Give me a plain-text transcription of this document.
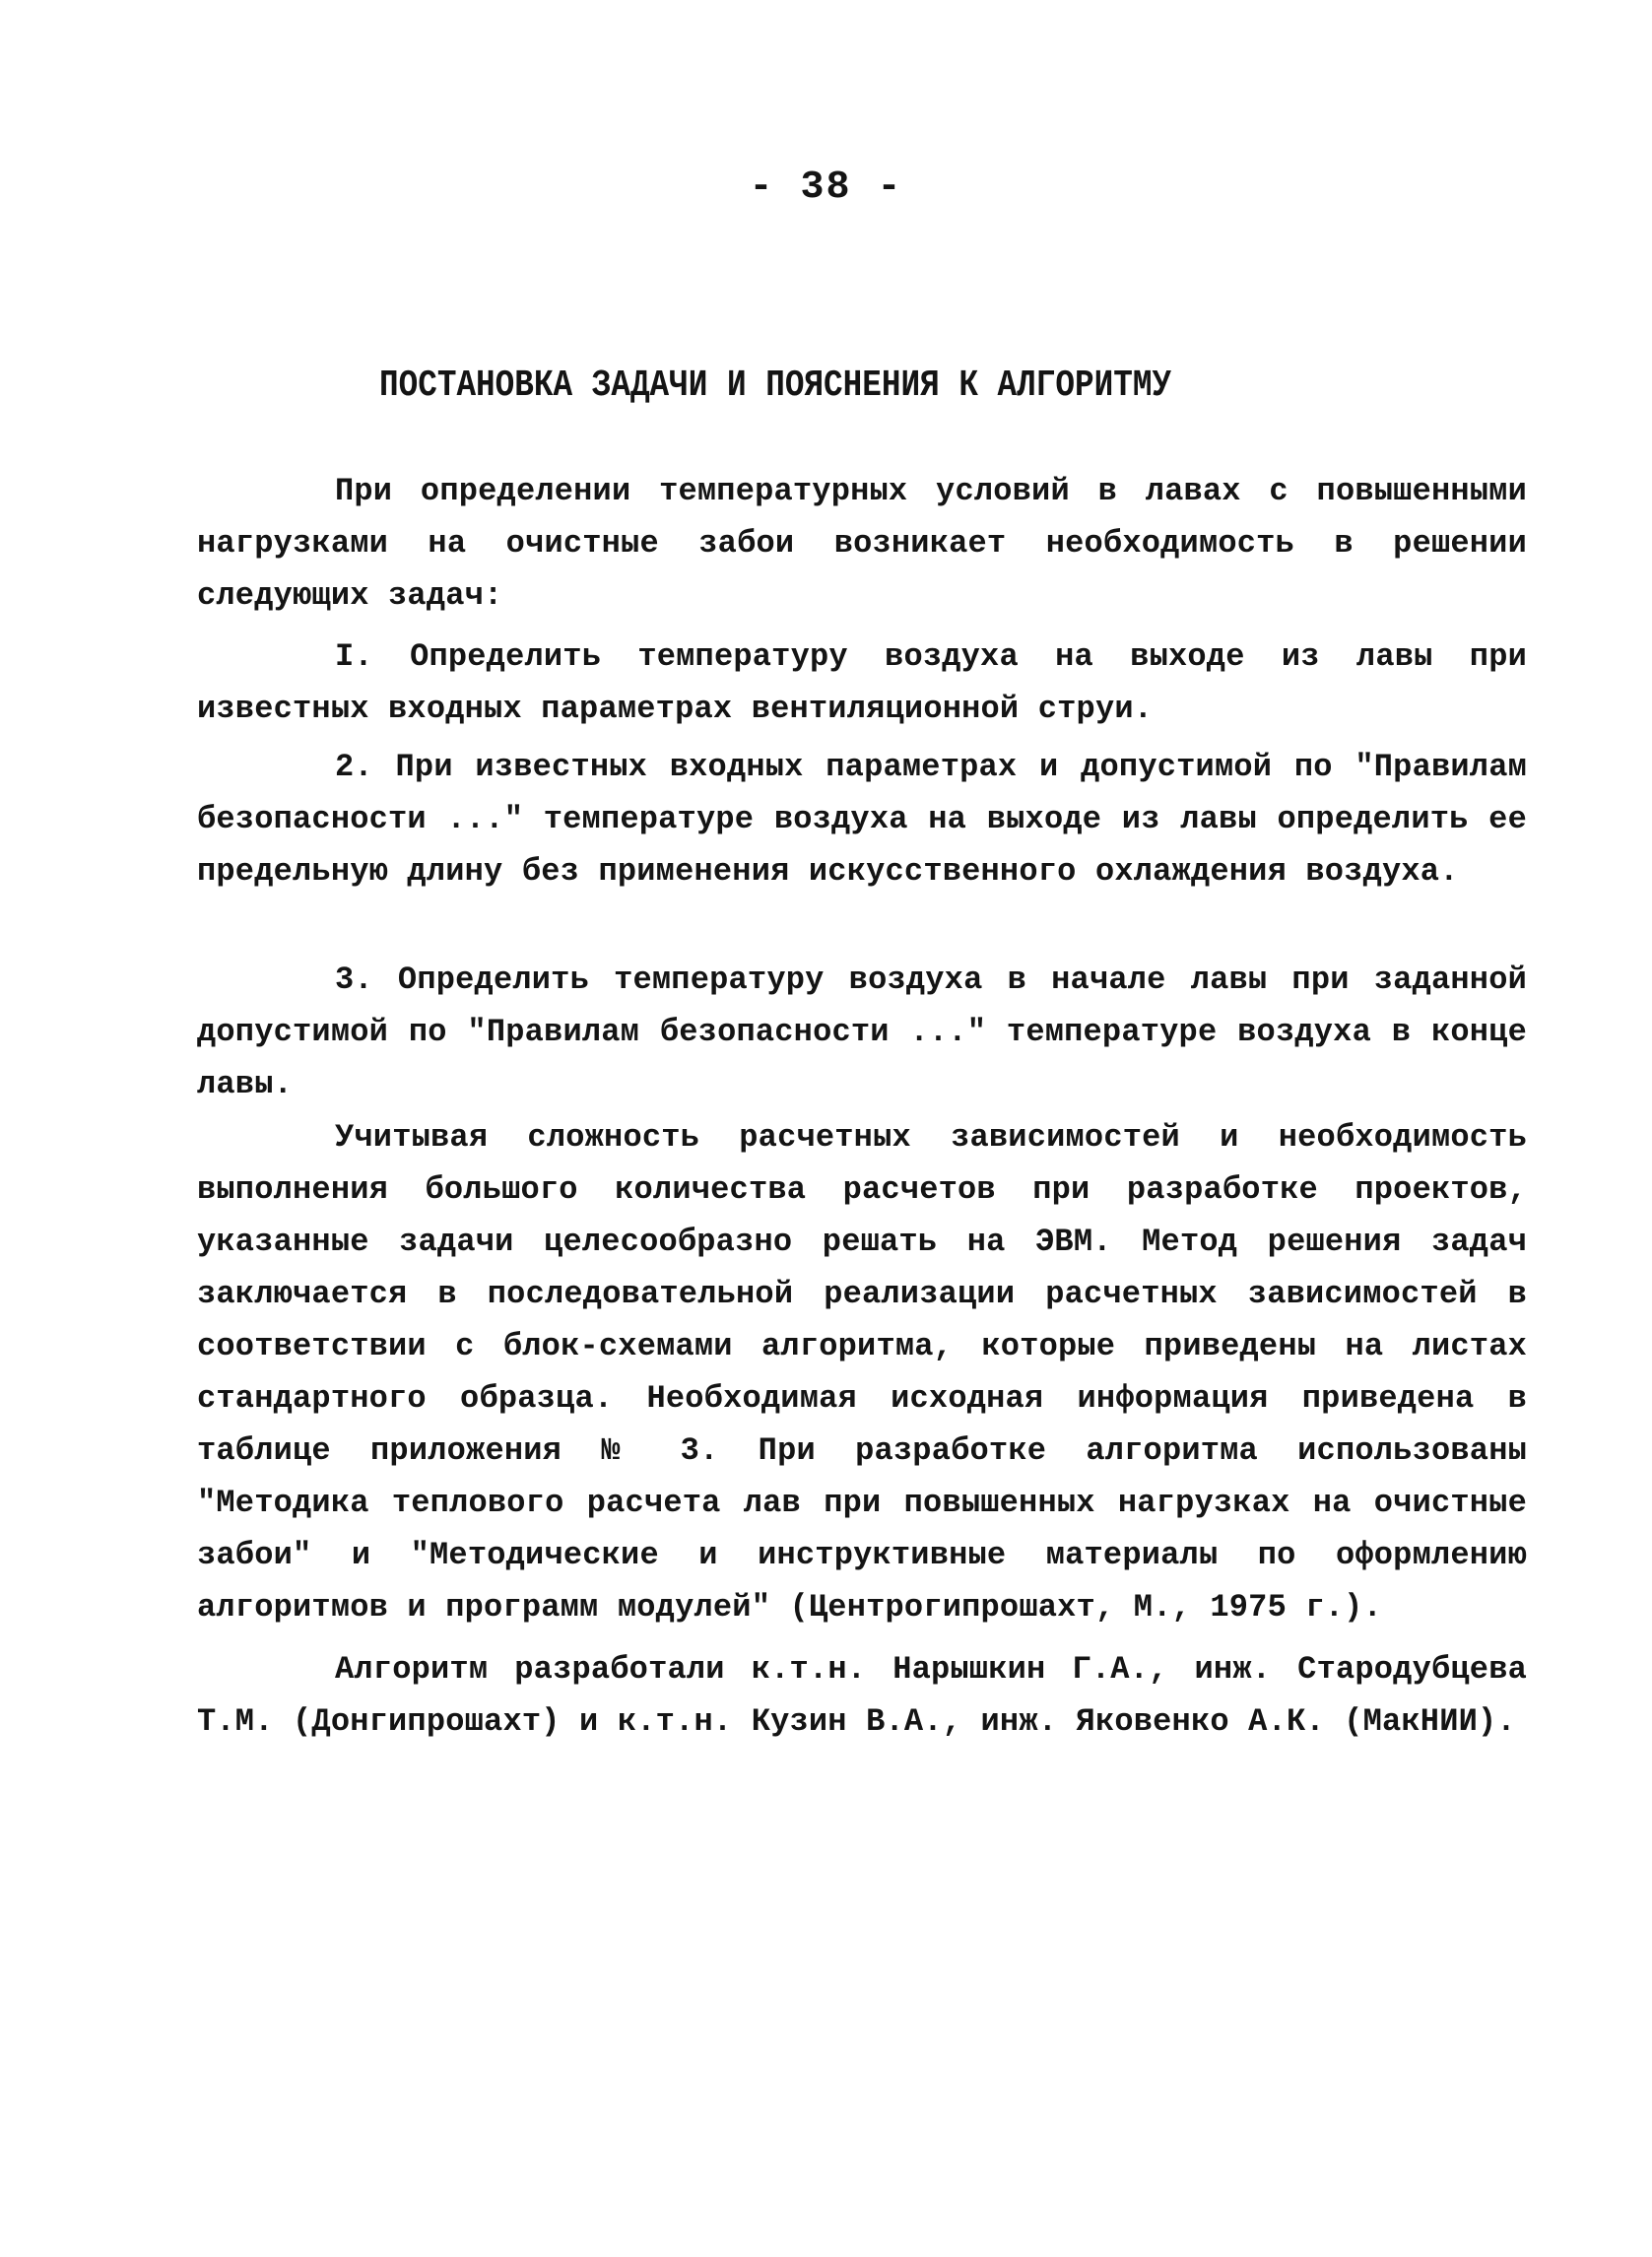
- 38 -
ПОСТАНОВКА ЗАДАЧИ И ПОЯСНЕНИЯ К АЛГОРИТМУ

При определении температурных условий в лавах с повышенными нагрузками на очистные забои возникает необходимость в решении следующих задач:

I. Определить температуру воздуха на выходе из лавы при известных входных параметрах вентиляционной струи.

2. При известных входных параметрах и допустимой по "Правилам безопасности ..." температуре воздуха на выходе из лавы определить ее предельную длину без применения искусственного охлаждения воздуха.

3. Определить температуру воздуха в начале лавы при заданной допустимой по "Правилам безопасности ..." температуре воздуха в конце лавы.

Учитывая сложность расчетных зависимостей и необходимость выполнения большого количества расчетов при разработке проектов, указанные задачи целесообразно решать на ЭВМ. Метод решения задач заключается в последовательной реализации расчетных зависимостей в соответствии с блок-схемами алгоритма, которые приведены на листах стандартного образца. Необходимая исходная информация приведена в таблице приложения № 3. При разработке алгоритма использованы "Методика теплового расчета лав при повышенных нагрузках на очистные забои" и "Методические и инструктивные материалы по оформлению алгоритмов и программ модулей" (Центрогипрошахт, М., 1975 г.).

Алгоритм разработали к.т.н. Нарышкин Г.А., инж. Стародубцева Т.М. (Донгипрошахт) и к.т.н. Кузин В.А., инж. Яковенко А.К. (МакНИИ).
